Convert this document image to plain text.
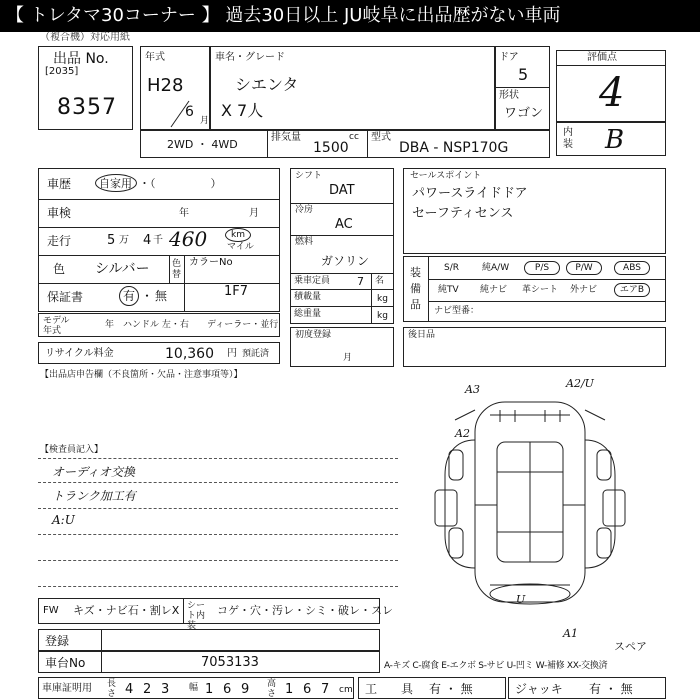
【 トレタマ30コーナー 】 過去30日以上 JU岐阜に出品歴がない車両
（複合機）対応用紙
出品 No.
[2035]
8357
年式
H28
6
月
車名・グレード
シエンタ
X 7人
ドア
5
形状
ワゴン
評価点
4
内装 B
2WD ・ 4WD
排気量	cc
1500
型式
DBA - NSP170G
車歴	自家用 ・（　　　　　）
車検	年	月
走行	5 万 4 千 460	km
マイル
色 シルバー 色替
カラーNo
1F7
保証書	有 ・ 無
モデル年式
年 ハンドル 左・右 ディーラー・並行
リサイクル料金	10,360 円 預託済
シフト
DAT
冷房
AC
燃料
ガソリン
乗車定員 7 名
積載量	kg
総重量	kg
初度登録
月
セールスポイント
パワースライドドア
セーフティセンス
装備品
S/R	純A/W	P/S	P/W	ABS
純TV 純ナビ 革シート 外ナビ	エアB
ナビ型番：
後日品
【出品店申告欄（不良箇所・欠品・注意事項等）】
【検査員記入】
オーディオ交換
トランク加工有
A:U
A3	A2/U
A2
U
A1
スペア
FW キズ・ナビ石・割レX シート内装
コゲ・穴・汚レ・シミ・破レ・スレ
登録
車台No	7053133	A-キズ C-腐食 E-エクボ S-サビ U-凹ミ W-補修 XX-交換済
車庫証明用 長さ 4 2 3 幅 1 6 9 高さ 1 6 7 cm 工　　具 有 ・ 無	ジャッキ 有 ・ 無
